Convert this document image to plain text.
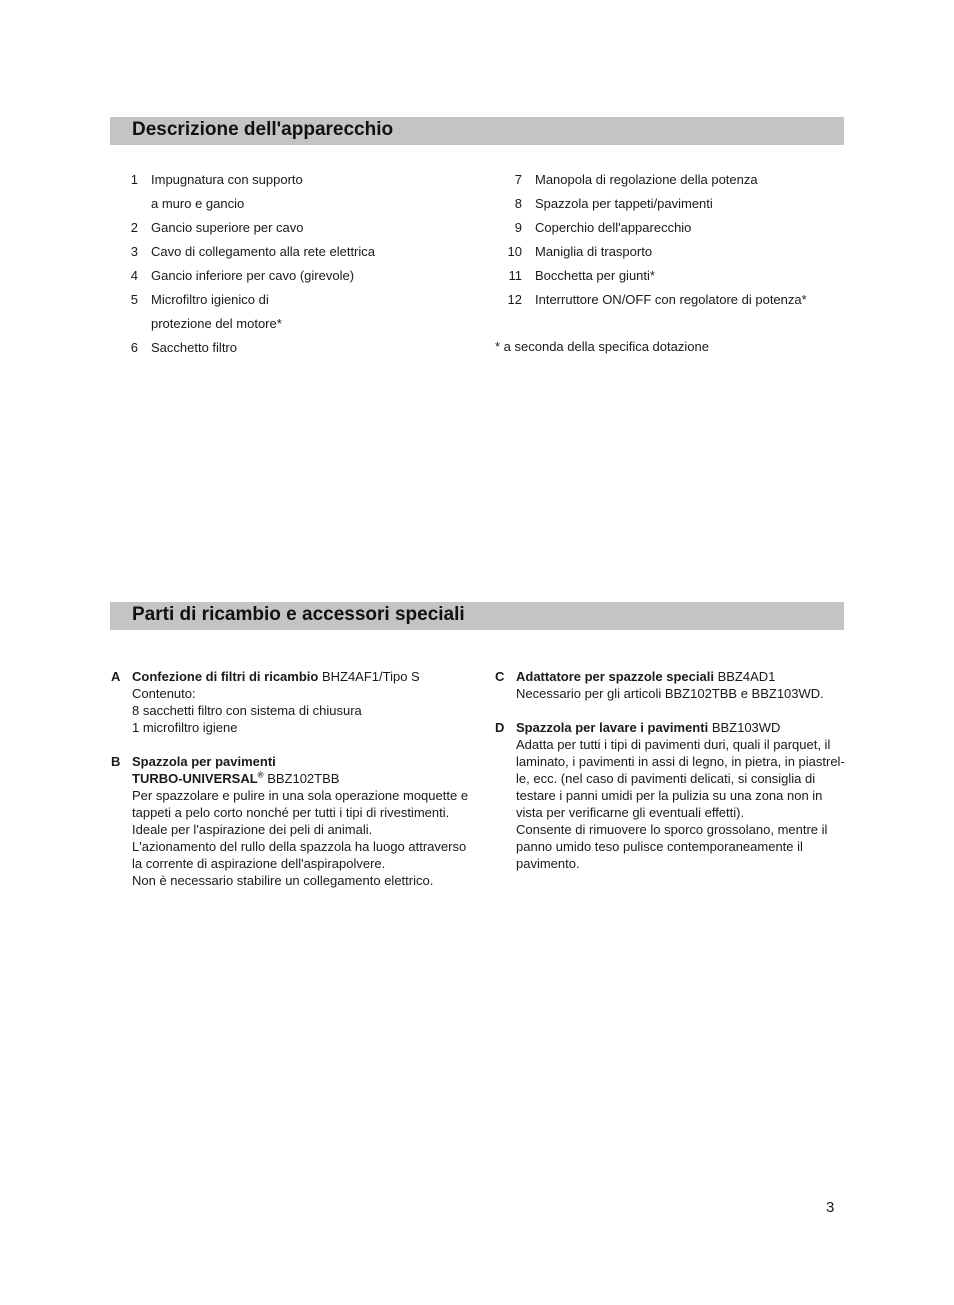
Descrizione dell'apparecchio
1 Impugnatura con supporto
a muro e gancio
2 Gancio superiore per cavo
3 Cavo di collegamento alla rete elettrica
4 Gancio inferiore per cavo (girevole)
5 Microfiltro igienico di
protezione del motore*
6 Sacchetto filtro
7 Manopola di regolazione della potenza
8 Spazzola per tappeti/pavimenti
9 Coperchio dell'apparecchio
10 Maniglia di trasporto
11 Bocchetta per giunti*
12 Interruttore ON/OFF con regolatore di potenza*
* a seconda della specifica dotazione
Parti di ricambio e accessori speciali
A Confezione di filtri di ricambio BHZ4AF1/Tipo S
Contenuto:
8 sacchetti filtro con sistema di chiusura
1 microfiltro igiene
B Spazzola per pavimenti
TURBO-UNIVERSAL® BBZ102TBB
Per spazzolare e pulire in una sola operazione moquette e
tappeti a pelo corto nonché per tutti i tipi di rivestimenti.
Ideale per l'aspirazione dei peli di animali.
L'azionamento del rullo della spazzola ha luogo attraverso
la corrente di aspirazione dell'aspirapolvere.
Non è necessario stabilire un collegamento elettrico.
C Adattatore per spazzole speciali BBZ4AD1
Necessario per gli articoli BBZ102TBB e BBZ103WD.
D Spazzola per lavare i pavimenti BBZ103WD
Adatta per tutti i tipi di pavimenti duri, quali il parquet, il
laminato, i pavimenti in assi di legno, in pietra, in piastrel-
le, ecc. (nel caso di pavimenti delicati, si consiglia di
testare i panni umidi per la pulizia su una zona non in
vista per verificarne gli eventuali effetti).
Consente di rimuovere lo sporco grossolano, mentre il
panno umido teso pulisce contemporaneamente il
pavimento.
3
